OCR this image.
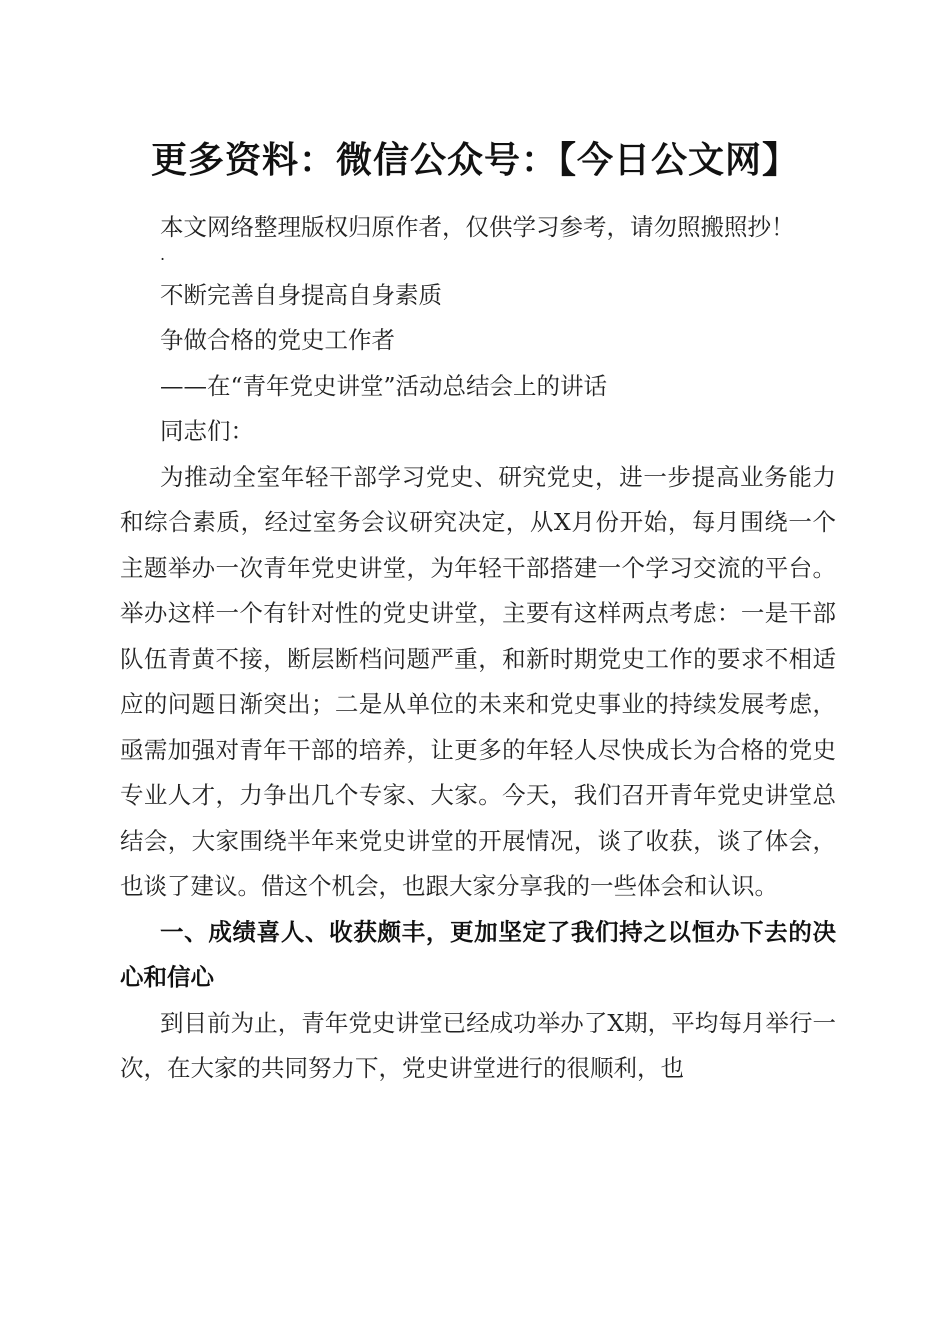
更多资料：微信公众号：【今日公文网】

本文网络整理版权归原作者，仅供学习参考，请勿照搬照抄！

.

不断完善自身提高自身素质

争做合格的党史工作者

——在“青年党史讲堂”活动总结会上的讲话

同志们：

为推动全室年轻干部学习党史、研究党史，进一步提高业务能力和综合素质，经过室务会议研究决定，从X月份开始，每月围绕一个主题举办一次青年党史讲堂，为年轻干部搭建一个学习交流的平台。举办这样一个有针对性的党史讲堂，主要有这样两点考虑：一是干部队伍青黄不接，断层断档问题严重，和新时期党史工作的要求不相适应的问题日渐突出；二是从单位的未来和党史事业的持续发展考虑，亟需加强对青年干部的培养，让更多的年轻人尽快成长为合格的党史专业人才，力争出几个专家、大家。今天，我们召开青年党史讲堂总结会，大家围绕半年来党史讲堂的开展情况，谈了收获，谈了体会，也谈了建议。借这个机会，也跟大家分享我的一些体会和认识。

一、成绩喜人、收获颇丰，更加坚定了我们持之以恒办下去的决心和信心

到目前为止，青年党史讲堂已经成功举办了X期，平均每月举行一次，在大家的共同努力下，党史讲堂进行的很顺利，也
